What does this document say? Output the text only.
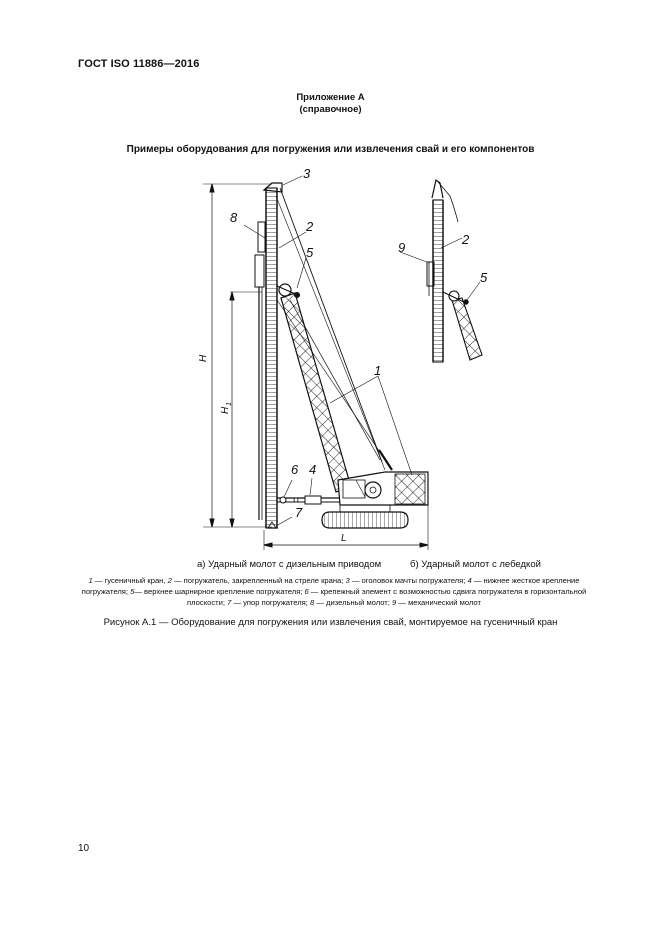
ГОСТ ISO 11886—2016
Приложение А
(справочное)
Примеры оборудования для погружения или извлечения свай и его компонентов
3
8
2
5
1
6 4
7
2
9
5
H
H
1
L
а) Ударный молот с дизельным приводом	б) Ударный молот с лебедкой
1 — гусеничный кран, 2 — погружатель, закрепленный на стреле крана; 3 — оголовок мачты погружателя; 4 — нижнее жесткое крепление погружателя; 5— верхнее шарнирное крепление погружателя; 6 — крепежный элемент с возможностью сдвига погружателя в горизонтальной плоскости; 7 — упор погружателя; 8 — дизельный молот; 9 — механический молот
Рисунок А.1 — Оборудование для погружения или извлечения свай, монтируемое на гусеничный кран
10
